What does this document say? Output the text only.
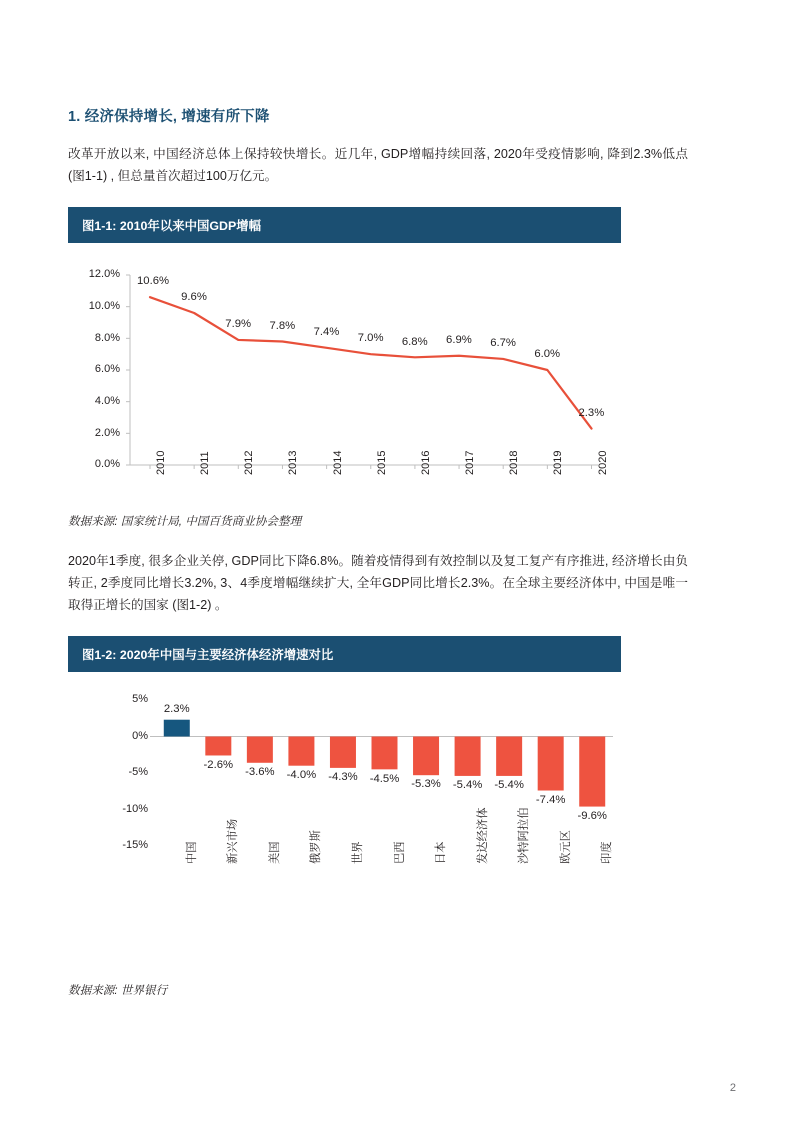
1. 经济保持增长, 增速有所下降

改革开放以来, 中国经济总体上保持较快增长。近几年, GDP增幅持续回落, 2020年受疫情影响, 降到2.3%低点 (图1-1) , 但总量首次超过100万亿元。

图1-1: 2010年以来中国GDP增幅
12.0%
10.0%
8.0%
6.0%
4.0%
2.0%
0.0%
10.6%
2010
9.6%
2011
7.9%
2012
7.8%
2013
7.4%
2014
7.0%
2015
6.8%
2016
6.9%
2017
6.7%
2018
6.0%
2019
2.3%
2020
数据来源: 国家统计局, 中国百货商业协会整理

2020年1季度, 很多企业关停, GDP同比下降6.8%。随着疫情得到有效控制以及复工复产有序推进, 经济增长由负转正, 2季度同比增长3.2%, 3、4季度增幅继续扩大, 全年GDP同比增长2.3%。在全球主要经济体中, 中国是唯一取得正增长的国家 (图1-2) 。

图1-2: 2020年中国与主要经济体经济增速对比
5%
0%
-5%
-10%
-15%
2.3%
中国
-2.6%
新兴市场
-3.6%
美国
-4.0%
俄罗斯
-4.3%
世界
-4.5%
巴西
-5.3%
日本
-5.4%
发达经济体
-5.4%
沙特阿拉伯
-7.4%
欧元区
-9.6%
印度
数据来源: 世界银行
2
